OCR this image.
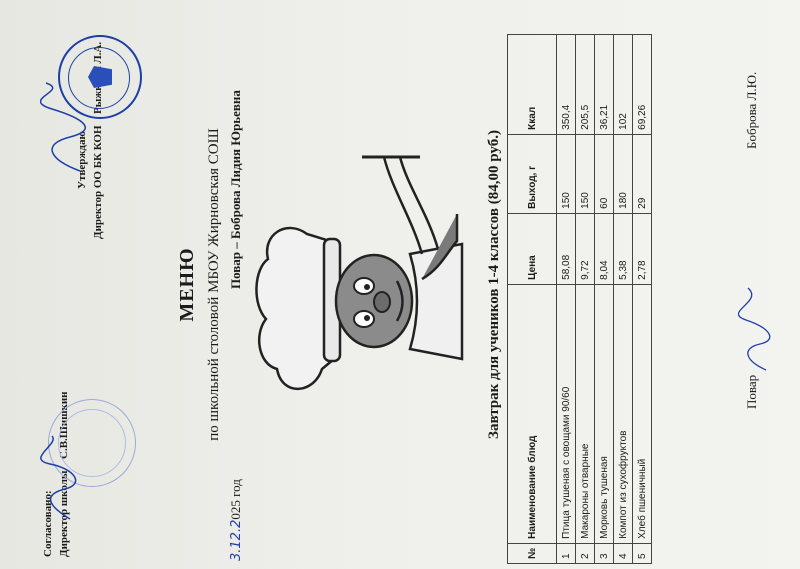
Согласовано: Директор школы
С.В.Шишкин
Утверждаю Директор ОО БК КОН
МЕНЮ по школьной столовой МБОУ Жирновская СОШ
3.12.2025 год
Повар – Боброва Лидия Юрьевна	Завтрак для учеников 1-4 классов (84,00 руб.)
№	Наименование блюд	Цена	Выход, г	Ккал
1	Птица тушеная с овощами 90/60	58,08	150	350,4
2	Макароны отварные	9,72	150	205,5
3	Морковь тушеная	8,04	60	36,21
4	Компот из сухофруктов	5,38	180	102
5	Хлеб пшеничный	2,78	29	69,26
Повар
Боброва Л.Ю.
